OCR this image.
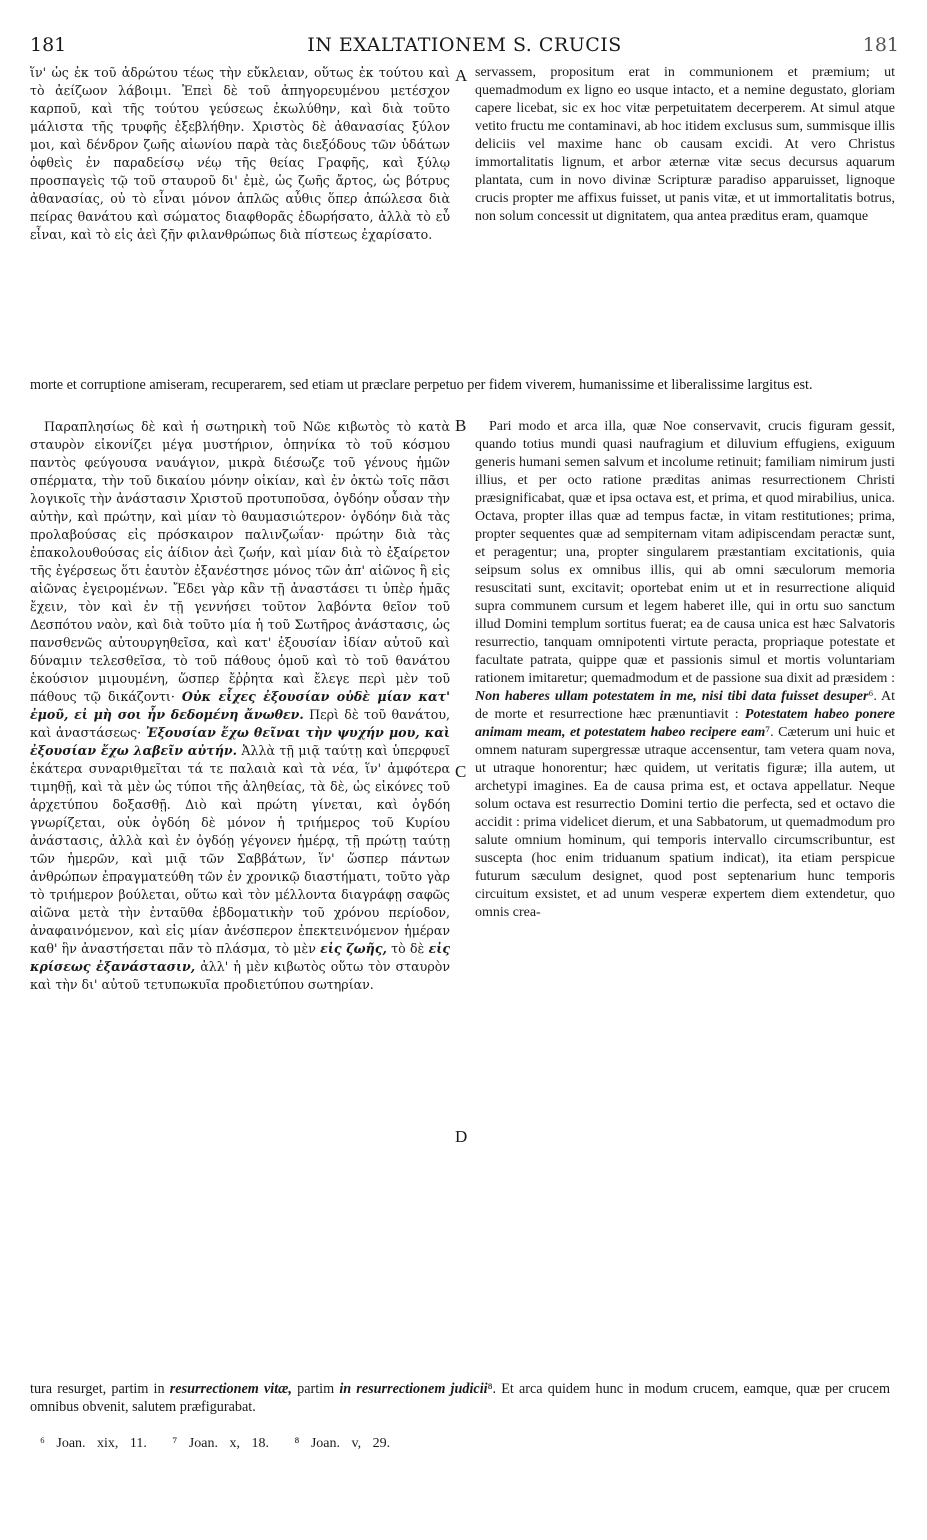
181	IN EXALTATIONEM S. CRUCIS	181
A
B
C
D

ἵν' ὡς ἐκ τοῦ ἀδρώτου τέως τὴν εὔκλειαν, οὕτως ἐκ τούτου καὶ τὸ ἀείζωον λάβοιμι. Ἐπεὶ δὲ τοῦ ἀπηγορευμένου μετέσχον καρποῦ, καὶ τῆς τούτου γεύσεως ἐκωλύθην, καὶ διὰ τοῦτο μάλιστα τῆς τρυφῆς ἐξεβλήθην. Χριστὸς δὲ ἀθανασίας ξύλον μοι, καὶ δένδρον ζωῆς αἰωνίου παρὰ τὰς διεξόδους τῶν ὑδάτων ὀφθεὶς ἐν παραδείσῳ νέῳ τῆς θείας Γραφῆς, καὶ ξύλῳ προσπαγεὶς τῷ τοῦ σταυροῦ δι' ἐμὲ, ὡς ζωῆς ἄρτος, ὡς βότρυς ἀθανασίας, οὐ τὸ εἶναι μόνον ἁπλῶς αὖθις ὅπερ ἀπώλεσα διὰ πείρας θανάτου καὶ σώματος διαφθορᾶς ἐδωρήσατο, ἀλλὰ τὸ εὖ εἶναι, καὶ τὸ εἰς ἀεὶ ζῆν φιλανθρώπως διὰ πίστεως ἐχαρίσατο.

servassem, propositum erat in communionem et præmium; ut quemadmodum ex ligno eo usque intacto, et a nemine degustato, gloriam capere licebat, sic ex hoc vitæ perpetuitatem decerperem. At simul atque vetito fructu me contaminavi, ab hoc itidem exclusus sum, summisque illis deliciis vel maxime hanc ob causam excidi. At vero Christus immortalitatis lignum, et arbor æternæ vitæ secus decursus aquarum plantata, cum in novo divinæ Scripturæ paradiso apparuisset, lignoque crucis propter me affixus fuisset, ut panis vitæ, et ut immortalitatis botrus, non solum concessit ut dignitatem, qua antea præditus eram, quamque

morte et corruptione amiseram, recuperarem, sed etiam ut præclare perpetuo per fidem viverem, humanissime et liberalissime largitus est.

Παραπλησίως δὲ καὶ ἡ σωτηρικὴ τοῦ Νῶε κιβωτὸς τὸ κατὰ σταυρὸν εἰκονίζει μέγα μυστήριον, ὁπηνίκα τὸ τοῦ κόσμου παντὸς φεύγουσα ναυάγιον, μικρὰ διέσωζε τοῦ γένους ἡμῶν σπέρματα, τὴν τοῦ δικαίου μόνην οἰκίαν, καὶ ἐν ὀκτὼ τοῖς πᾶσι λογικοῖς τὴν ἀνάστασιν Χριστοῦ προτυποῦσα, ὀγδόην οὖσαν τὴν αὐτὴν, καὶ πρώτην, καὶ μίαν τὸ θαυμασιώτερον· ὀγδόην διὰ τὰς προλαβούσας εἰς πρόσκαιρον παλινζωΐαν· πρώτην διὰ τὰς ἐπακολουθούσας εἰς ἀίδιον ἀεὶ ζωήν, καὶ μίαν διὰ τὸ ἐξαίρετον τῆς ἐγέρσεως ὅτι ἑαυτὸν ἐξανέστησε μόνος τῶν ἀπ' αἰῶνος ἢ εἰς αἰῶνας ἐγειρομένων. Ἔδει γὰρ κἂν τῇ ἀναστάσει τι ὑπὲρ ἡμᾶς ἔχειν, τὸν καὶ ἐν τῇ γεννήσει τοῦτον λαβόντα θεῖον τοῦ Δεσπότου ναὸν, καὶ διὰ τοῦτο μία ἡ τοῦ Σωτῆρος ἀνάστασις, ὡς πανσθενῶς αὐτουργηθεῖσα, καὶ κατ' ἐξουσίαν ἰδίαν αὐτοῦ καὶ δύναμιν τελεσθεῖσα, τὸ τοῦ πάθους ὁμοῦ καὶ τὸ τοῦ θανάτου ἑκούσιον μιμουμένη, ὥσπερ ἔῤῥητα καὶ ἔλεγε περὶ μὲν τοῦ πάθους τῷ δικάζοντι· Οὐκ εἶχες ἐξουσίαν οὐδὲ μίαν κατ' ἐμοῦ, εἰ μὴ σοι ἦν δεδομένη ἄνωθεν. Περὶ δὲ τοῦ θανάτου, καὶ ἀναστάσεως· Ἐξουσίαν ἔχω θεῖναι τὴν ψυχήν μου, καὶ ἐξουσίαν ἔχω λαβεῖν αὐτήν. Ἀλλὰ τῇ μιᾷ ταύτῃ καὶ ὑπερφυεῖ ἑκάτερα συναριθμεῖται τά τε παλαιὰ καὶ τὰ νέα, ἵν' ἀμφότερα τιμηθῇ, καὶ τὰ μὲν ὡς τύποι τῆς ἀληθείας, τὰ δὲ, ὡς εἰκόνες τοῦ ἀρχετύπου δοξασθῇ. Διὸ καὶ πρώτη γίνεται, καὶ ὀγδόη γνωρίζεται, οὐκ ὀγδόη δὲ μόνον ἡ τριήμερος τοῦ Κυρίου ἀνάστασις, ἀλλὰ καὶ ἐν ὀγδόῃ γέγονεν ἡμέρᾳ, τῇ πρώτῃ ταύτῃ τῶν ἡμερῶν, καὶ μιᾷ τῶν Σαββάτων, ἵν' ὥσπερ πάντων ἀνθρώπων ἐπραγματεύθη τῶν ἐν χρονικῷ διαστήματι, τοῦτο γὰρ τὸ τριήμερον βούλεται, οὕτω καὶ τὸν μέλλοντα διαγράφῃ σαφῶς αἰῶνα μετὰ τὴν ἐνταῦθα ἑβδοματικὴν τοῦ χρόνου περίοδον, ἀναφαινόμενον, καὶ εἰς μίαν ἀνέσπερον ἐπεκτεινόμενον ἡμέραν καθ' ἣν ἀναστήσεται πᾶν τὸ πλάσμα, τὸ μὲν εἰς ζωῆς, τὸ δὲ εἰς κρίσεως ἐξανάστασιν, ἀλλ' ἡ μὲν κιβωτὸς οὕτω τὸν σταυρὸν καὶ τὴν δι' αὐτοῦ τετυπωκυῖα προδιετύπου σωτηρίαν.

Pari modo et arca illa, quæ Noe conservavit, crucis figuram gessit, quando totius mundi quasi naufragium et diluvium effugiens, exiguum generis humani semen salvum et incolume retinuit; familiam nimirum justi illius, et per octo ratione præditas animas resurrectionem Christi præsignificabat, quæ et ipsa octava est, et prima, et quod mirabilius, unica. Octava, propter illas quæ ad tempus factæ, in vitam restitutiones; prima, propter sequentes quæ ad sempiternam vitam adipiscendam peractæ sunt, et peragentur; una, propter singularem præstantiam excitationis, quia seipsum solus ex omnibus illis, qui ab omni sæculorum memoria resuscitati sunt, excitavit; oportebat enim ut et in resurrectione aliquid supra communem cursum et legem haberet ille, qui in ortu suo sanctum illud Domini templum sortitus fuerat; ea de causa unica est hæc Salvatoris resurrectio, tanquam omnipotenti virtute peracta, propriaque potestate et facultate patrata, quippe quæ et passionis simul et mortis voluntariam rationem imitaretur; quemadmodum et de passione sua dixit ad præsidem : Non haberes ullam potestatem in me, nisi tibi data fuisset desuper⁶. At de morte et resurrectione hæc prænuntiavit : Potestatem habeo ponere animam meam, et potestatem habeo recipere eam⁷. Cæterum uni huic et omnem naturam supergressæ utraque accensentur, tam vetera quam nova, ut utraque honorentur; hæc quidem, ut veritatis figuræ; illa autem, ut archetypi imagines. Ea de causa prima est, et octava appellatur. Neque solum octava est resurrectio Domini tertio die perfecta, sed et octavo die accidit : prima videlicet dierum, et una Sabbatorum, ut quemadmodum pro salute omnium hominum, qui temporis intervallo circumscribuntur, est suscepta (hoc enim triduanum spatium indicat), ita etiam perspicue futurum sæculum designet, quod post septenarium hunc temporis circuitum exsistet, et ad unum vesperæ expertem diem extendetur, quo omnis crea-

tura resurget, partim in resurrectionem vitæ, partim in resurrectionem judicii⁸. Et arca quidem hunc in modum crucem, eamque, quæ per crucem omnibus obvenit, salutem præfigurabat.

⁶ Joan. xix, 11. ⁷ Joan. x, 18. ⁸ Joan. v, 29.
